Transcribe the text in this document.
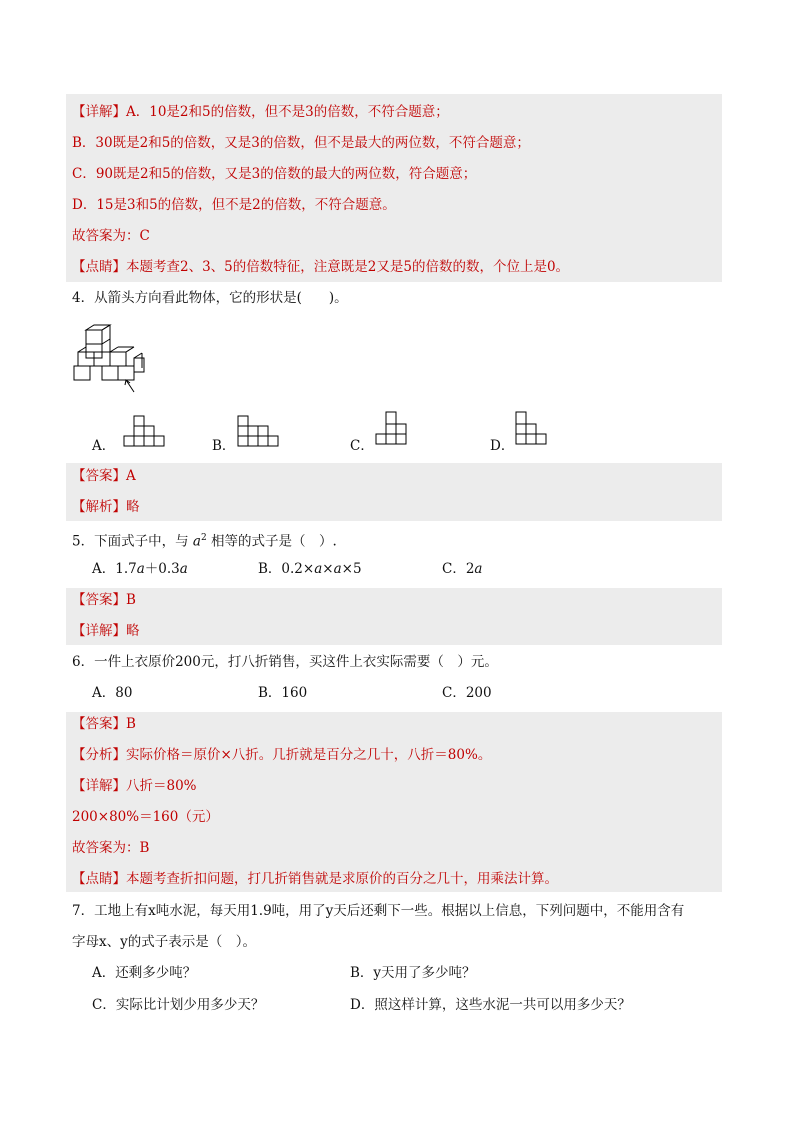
【详解】A．10是2和5的倍数，但不是3的倍数，不符合题意；
B．30既是2和5的倍数，又是3的倍数，但不是最大的两位数，不符合题意；
C．90既是2和5的倍数，又是3的倍数的最大的两位数，符合题意；
D．15是3和5的倍数，但不是2的倍数，不符合题意。
故答案为：C
【点睛】本题考查2、3、5的倍数特征，注意既是2又是5的倍数的数，个位上是0。
4．从箭头方向看此物体，它的形状是(　　)。
A．	B．	C．	D．
【答案】A
【解析】略
5．下面式子中，与 $a^2$ 相等的式子是（　）.
A．1.7a＋0.3a	B．0.2×a×a×5	C．2a
【答案】B
【详解】略
6．一件上衣原价200元，打八折销售，买这件上衣实际需要（　）元。
A．80	B．160	C．200
【答案】B
【分析】实际价格＝原价×八折。几折就是百分之几十，八折＝80%。
【详解】八折＝80%
200×80%＝160（元）
故答案为：B
【点睛】本题考查折扣问题，打几折销售就是求原价的百分之几十，用乘法计算。
7．工地上有x吨水泥，每天用1.9吨，用了y天后还剩下一些。根据以上信息，下列问题中，不能用含有
字母x、y的式子表示是（　）。
A．还剩多少吨？	B．y天用了多少吨？
C．实际比计划少用多少天？	D．照这样计算，这些水泥一共可以用多少天？
